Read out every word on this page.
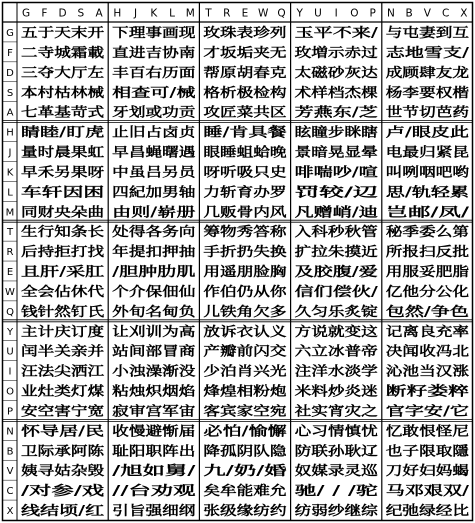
G F D S A H J K L M T R E W Q Y U I O P N B V C X
G
F
D
S
A
H
J
K
L
M
T
R
E
W
Q
Y
U
I
O
P
N
B
V
C
X
五于天末开
二寺城霜載
三夺大厅左
本村枯林械
七革基苛式
下理事画现
直进吉协南
丰百右历面
相查可/械
牙划或功贡
玫珠表珍列
才坂垢夹无
帮原胡春克
格析极检构
攻匠菜共区
玉平不来/
玫増示赤过
太磁砂灰达
术样档杰棵
芳燕东/芝
与屯妻到互
志地雪支/
成顾肆友龙
杨李要权楷
世节切芭药
睛睦/盯虎
量时晨果虹
早禾另果呀
车轩因困
同财央朵曲
止旧占卤贞
早昌蝇曙遇
中虽吕另员
四紀加男轴
由则/崭册
睡/肯具餐
眼睡蛆蛤晚
呀听吸只史
力斩育办罗
几贩骨内风
眩瞳步眯瞎
景暗晃显晕
啡喘吵/喧
罚较/辺
凡赠峭/迪
卢/眼皮此
电最归紧昆
叫咧咽吧哟
思/轨轻累
岂邮/凤/
生行知条长
后持拒打找
且肝/采肛
全会佔休代
钱针然钉氏
处得各务向
年提扣押抽
/胆肿肋肌
个介保佃仙
外旬名甸负
筹物秀答称
手折扔失换
用遥朋脸胸
作伯仍从你
儿铁角欠多
入科秒秋管
扩拉朱摸近
及胶腹/爱
信们偿伙/
久匀乐炙锭
秘季委么第
所报扫反批
用服妥肥脂
亿他分公化
包然/争色
主计庆订度
闰半关亲并
汪法尖洒江
业灶类灯煤
安空害宁宽
让刈训为高
站间部冒商
小浊澡渐没
粘烛炽烟焰
寂审宫军宙
放诉衣认义
产瓣前闪交
少泊肖兴光
烽煌相粉炮
客宾家空宛
方说就变这
六立冰普帝
注洋水淡学
米料炒炎迷
社实宵灾之
记离良充率
决闻收冯北
沁池当汉涨
断籽娄粹
官字安/它
怀导居/民
卫际承阿陈
姨寻姑杂毁
/对参/戏
线结顷/红
收慢避惭届
耻阳职阵出
/旭如舅/
//台劝观
引旨强细纲
必怕/愉懈
降孤阴队隐
九/奶/婚
矣牟能难允
张级缘纺约
心习情慎忧
防联孙耿辽
奴媒录灵巡
驰/ / /驼
纺弱纱继综
忆敢恨怪尼
也子限取隱
刀好妇妈蝎
马邓艰双/
纪弛绿经比
